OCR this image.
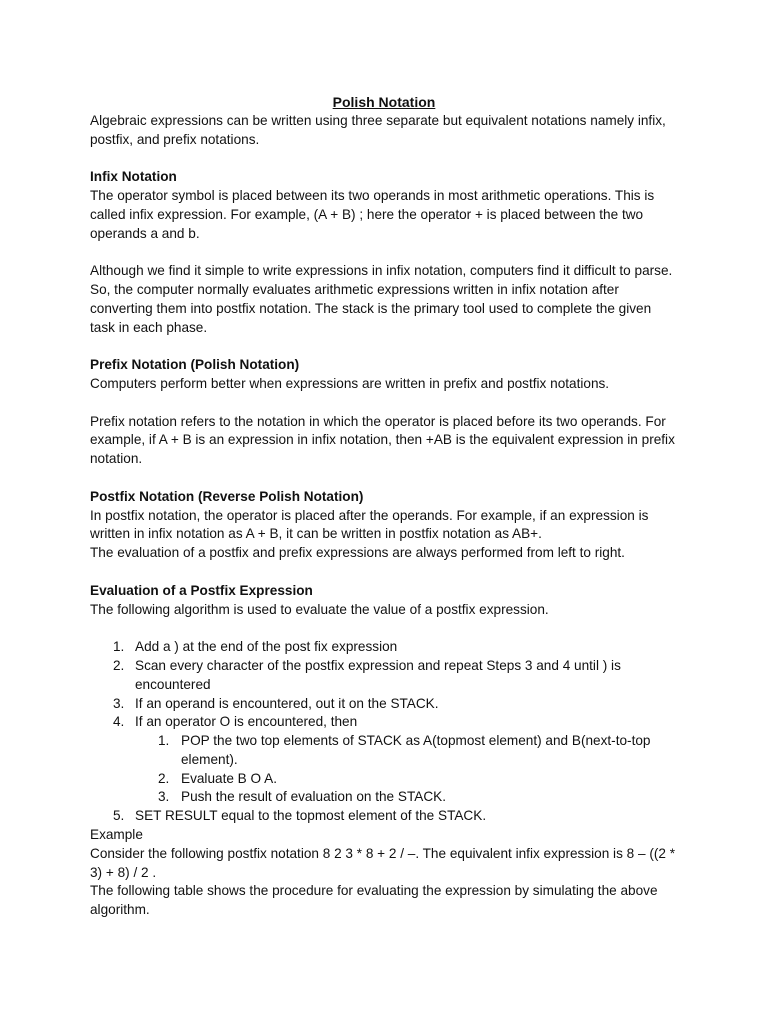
Polish Notation

Algebraic expressions can be written using three separate but equivalent notations namely infix, postfix, and prefix notations.

Infix Notation

The operator symbol is placed between its two operands in most arithmetic operations. This is called infix expression. For example, (A + B) ; here the operator + is placed between the two operands a and b.

Although we find it simple to write expressions in infix notation, computers find it difficult to parse. So, the computer normally evaluates arithmetic expressions written in infix notation after converting them into postfix notation. The stack is the primary tool used to complete the given task in each phase.

Prefix Notation (Polish Notation)

Computers perform better when expressions are written in prefix and postfix notations.

Prefix notation refers to the notation in which the operator is placed before its two operands. For example, if A + B is an expression in infix notation, then +AB is the equivalent expression in prefix notation.

Postfix Notation (Reverse Polish Notation)

In postfix notation, the operator is placed after the operands. For example, if an expression is written in infix notation as A + B, it can be written in postfix notation as AB+.

The evaluation of a postfix and prefix expressions are always performed from left to right.

Evaluation of a Postfix Expression

The following algorithm is used to evaluate the value of a postfix expression.

1. Add a ) at the end of the post fix expression
2. Scan every character of the postfix expression and repeat Steps 3 and 4 until ) is encountered
3. If an operand is encountered, out it on the STACK.
4. If an operator O is encountered, then
1. POP the two top elements of STACK as A(topmost element) and B(next-to-top element).
2. Evaluate B O A.
3. Push the result of evaluation on the STACK.
5. SET RESULT equal to the topmost element of the STACK.

Example

Consider the following postfix notation 8 2 3 * 8 + 2 / –. The equivalent infix expression is 8 – ((2 * 3) + 8) / 2 .

The following table shows the procedure for evaluating the expression by simulating the above algorithm.
